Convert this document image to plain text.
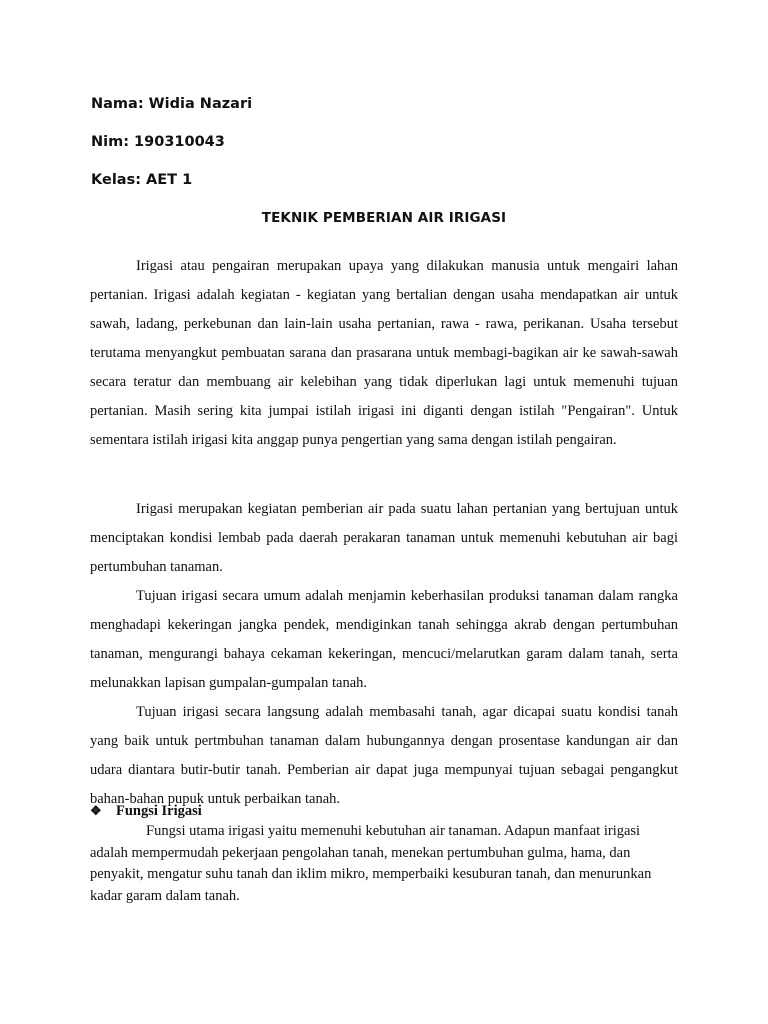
Nama: Widia Nazari
Nim: 190310043
Kelas: AET 1
TEKNIK PEMBERIAN AIR IRIGASI

Irigasi atau pengairan merupakan upaya yang dilakukan manusia untuk mengairi lahan pertanian. Irigasi adalah kegiatan - kegiatan yang bertalian dengan usaha mendapatkan air untuk sawah, ladang, perkebunan dan lain-lain usaha pertanian, rawa - rawa, perikanan. Usaha tersebut terutama menyangkut pembuatan sarana dan prasarana untuk membagi-bagikan air ke sawah-sawah secara teratur dan membuang air kelebihan yang tidak diperlukan lagi untuk memenuhi tujuan pertanian. Masih sering kita jumpai istilah irigasi ini diganti dengan istilah "Pengairan". Untuk sementara istilah irigasi kita anggap punya pengertian yang sama dengan istilah pengairan.

Irigasi merupakan kegiatan pemberian air pada suatu lahan pertanian yang bertujuan untuk menciptakan kondisi lembab pada daerah perakaran tanaman untuk memenuhi kebutuhan air bagi pertumbuhan tanaman.

Tujuan irigasi secara umum adalah menjamin keberhasilan produksi tanaman dalam rangka menghadapi kekeringan jangka pendek, mendiginkan tanah sehingga akrab dengan pertumbuhan tanaman, mengurangi bahaya cekaman kekeringan, mencuci/melarutkan garam dalam tanah, serta melunakkan lapisan gumpalan-gumpalan tanah.

Tujuan irigasi secara langsung adalah membasahi tanah, agar dicapai suatu kondisi tanah yang baik untuk pertmbuhan tanaman dalam hubungannya dengan prosentase kandungan air dan udara diantara butir-butir tanah. Pemberian air dapat juga mempunyai tujuan sebagai pengangkut bahan-bahan pupuk untuk perbaikan tanah.

❖ Fungsi Irigasi

Fungsi utama irigasi yaitu memenuhi kebutuhan air tanaman. Adapun manfaat irigasi adalah mempermudah pekerjaan pengolahan tanah, menekan pertumbuhan gulma, hama, dan penyakit, mengatur suhu tanah dan iklim mikro, memperbaiki kesuburan tanah, dan menurunkan kadar garam dalam tanah.
